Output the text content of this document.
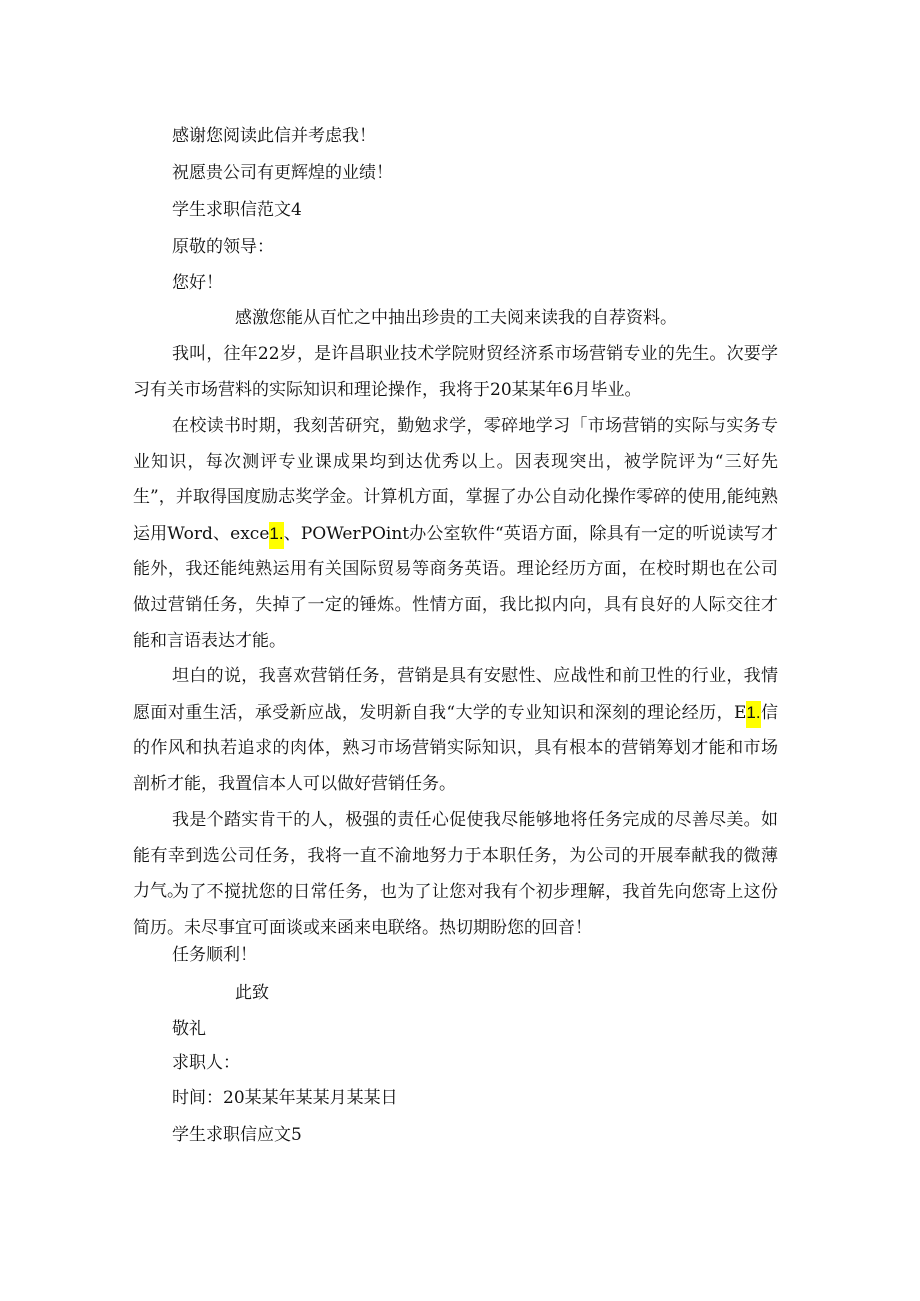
感谢您阅读此信并考虑我！

祝愿贵公司有更辉煌的业绩！

学生求职信范文4

原敬的领导：

您好！

感激您能从百忙之中抽出珍贵的工夫阅来读我的自荐资料。

我叫，往年22岁，是许昌职业技术学院财贸经济系市场营销专业的先生。次要学习有关市场营料的实际知识和理论操作，我将于20某某年6月毕业。

在校读书时期，我刻苦研究，勤勉求学，零碎地学习「市场营销的实际与实务专业知识，每次测评专业课成果均到达优秀以上。因表现突出，被学院评为“三好先生”，并取得国度励志奖学金。计算机方面，掌握了办公自动化操作零碎的使用,能纯熟运用Word、exce1.、POWerPOint办公室软件“英语方面，除具有一定的听说读写才能外，我还能纯熟运用有关国际贸易等商务英语。理论经历方面，在校时期也在公司做过营销任务，失掉了一定的锤炼。性情方面，我比拟内向，具有良好的人际交往才能和言语表达才能。

坦白的说，我喜欢营销任务，营销是具有安慰性、应战性和前卫性的行业，我情愿面对重生活，承受新应战，发明新自我“大学的专业知识和深刻的理论经历，E1.信的作风和执若追求的肉体，熟习市场营销实际知识，具有根本的营销筹划才能和市场剖析才能，我置信本人可以做好营销任务。

我是个踏实肯干的人，极强的责任心促使我尽能够地将任务完成的尽善尽美。如能有幸到选公司任务，我将一直不渝地努力于本职任务，为公司的开展奉献我的微薄力气。

为了不搅扰您的日常任务，也为了让您对我有个初步理解，我首先向您寄上这份简历。未尽事宜可面谈或来函来电联络。热切期盼您的回音！

任务顺利！

此致

敬礼

求职人：

时间：20某某年某某月某某日

学生求职信应文5
